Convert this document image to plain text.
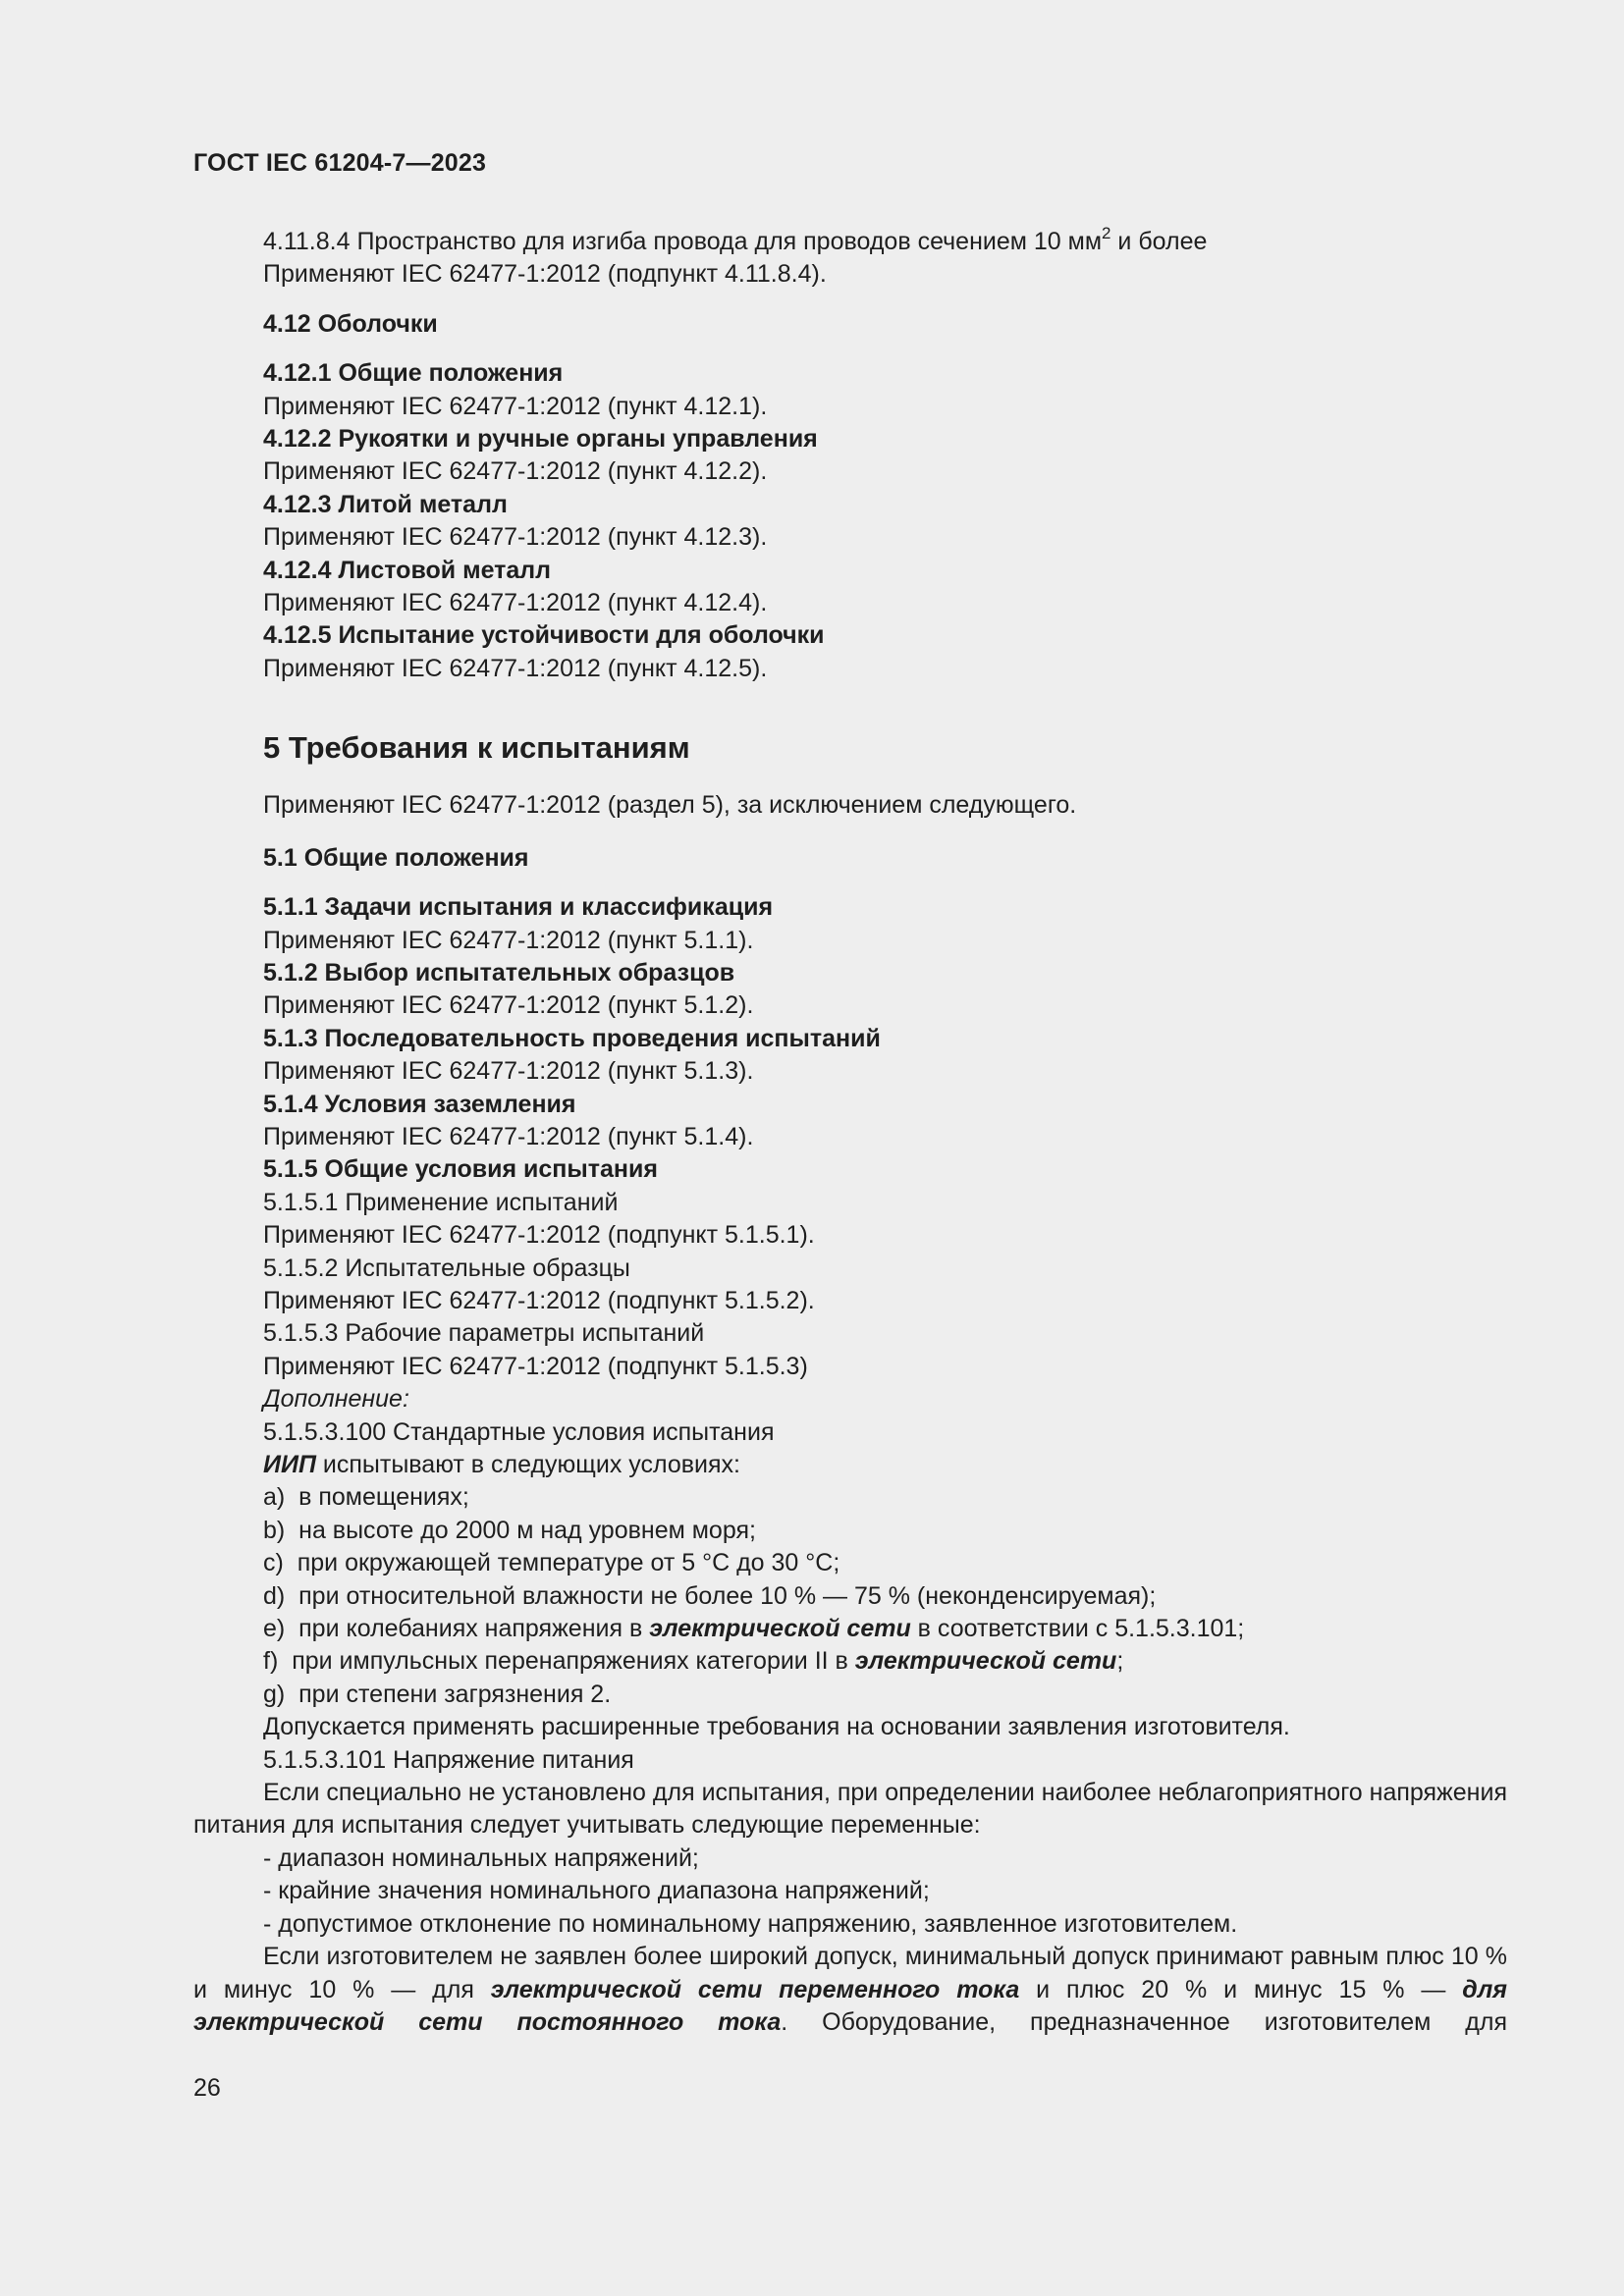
ГОСТ IEC 61204-7—2023

4.11.8.4 Пространство для изгиба провода для проводов сечением 10 $мм^2$ и более

Применяют IEC 62477-1:2012 (подпункт 4.11.8.4).

4.12 Оболочки

4.12.1 Общие положения

Применяют IEC 62477-1:2012 (пункт 4.12.1).

4.12.2 Рукоятки и ручные органы управления

Применяют IEC 62477-1:2012 (пункт 4.12.2).

4.12.3 Литой металл

Применяют IEC 62477-1:2012 (пункт 4.12.3).

4.12.4 Листовой металл

Применяют IEC 62477-1:2012 (пункт 4.12.4).

4.12.5 Испытание устойчивости для оболочки

Применяют IEC 62477-1:2012 (пункт 4.12.5).

5 Требования к испытаниям

Применяют IEC 62477-1:2012 (раздел 5), за исключением следующего.

5.1 Общие положения

5.1.1 Задачи испытания и классификация

Применяют IEC 62477-1:2012 (пункт 5.1.1).

5.1.2 Выбор испытательных образцов

Применяют IEC 62477-1:2012 (пункт 5.1.2).

5.1.3 Последовательность проведения испытаний

Применяют IEC 62477-1:2012 (пункт 5.1.3).

5.1.4 Условия заземления

Применяют IEC 62477-1:2012 (пункт 5.1.4).

5.1.5 Общие условия испытания

5.1.5.1 Применение испытаний

Применяют IEC 62477-1:2012 (подпункт 5.1.5.1).

5.1.5.2 Испытательные образцы

Применяют IEC 62477-1:2012 (подпункт 5.1.5.2).

5.1.5.3 Рабочие параметры испытаний

Применяют IEC 62477-1:2012 (подпункт 5.1.5.3)

Дополнение:

5.1.5.3.100 Стандартные условия испытания

ИИП испытывают в следующих условиях:

a) в помещениях;

b) на высоте до 2000 м над уровнем моря;

c) при окружающей температуре от 5 °С до 30 °С;

d) при относительной влажности не более 10 % — 75 % (неконденсируемая);

e) при колебаниях напряжения в электрической сети в соответствии с 5.1.5.3.101;

f) при импульсных перенапряжениях категории II в электрической сети;

g) при степени загрязнения 2.

Допускается применять расширенные требования на основании заявления изготовителя.

5.1.5.3.101 Напряжение питания

Если специально не установлено для испытания, при определении наиболее неблагоприятного напряжения питания для испытания следует учитывать следующие переменные:

- диапазон номинальных напряжений;

- крайние значения номинального диапазона напряжений;

- допустимое отклонение по номинальному напряжению, заявленное изготовителем.

Если изготовителем не заявлен более широкий допуск, минимальный допуск принимают равным плюс 10 % и минус 10 % — для электрической сети переменного тока и плюс 20 % и минус 15 % — для электрической сети постоянного тока. Оборудование, предназначенное изготовителем для

26
